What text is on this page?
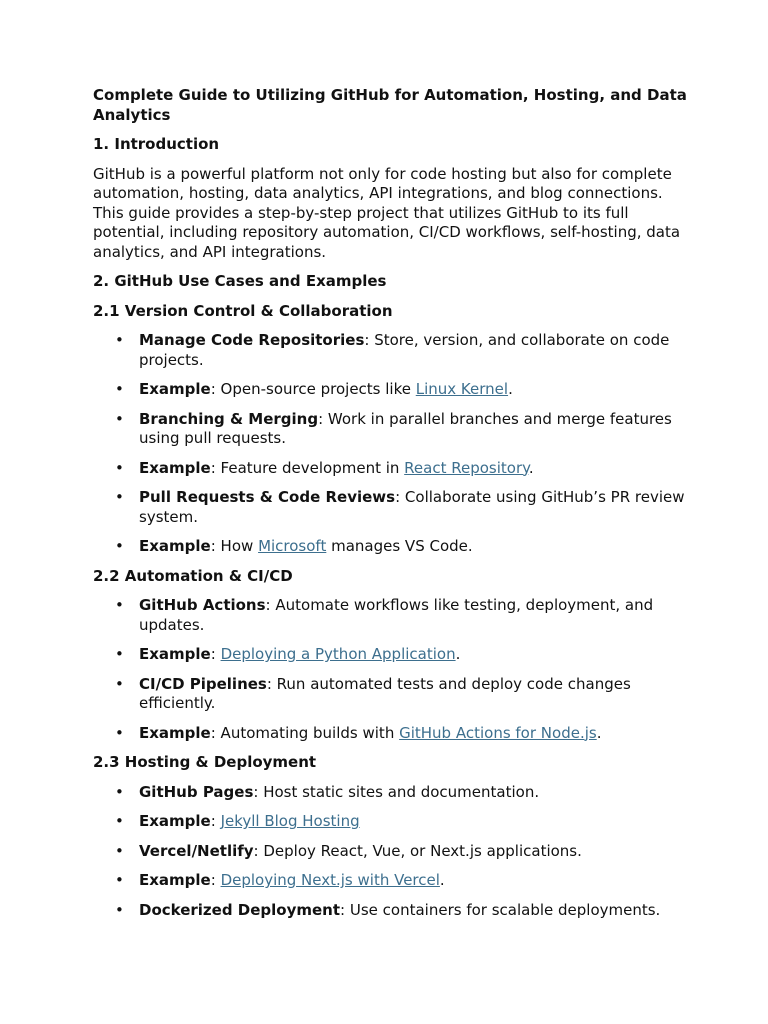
Complete Guide to Utilizing GitHub for Automation, Hosting, and Data Analytics
1. Introduction
GitHub is a powerful platform not only for code hosting but also for complete automation, hosting, data analytics, API integrations, and blog connections. This guide provides a step-by-step project that utilizes GitHub to its full potential, including repository automation, CI/CD workflows, self-hosting, data analytics, and API integrations.
2. GitHub Use Cases and Examples
2.1 Version Control & Collaboration
• Manage Code Repositories: Store, version, and collaborate on code projects.
• Example: Open-source projects like Linux Kernel.
• Branching & Merging: Work in parallel branches and merge features using pull requests.
• Example: Feature development in React Repository.
• Pull Requests & Code Reviews: Collaborate using GitHub’s PR review system.
• Example: How Microsoft manages VS Code.
2.2 Automation & CI/CD
• GitHub Actions: Automate workflows like testing, deployment, and updates.
• Example: Deploying a Python Application.
• CI/CD Pipelines: Run automated tests and deploy code changes efficiently.
• Example: Automating builds with GitHub Actions for Node.js.
2.3 Hosting & Deployment
• GitHub Pages: Host static sites and documentation.
• Example: Jekyll Blog Hosting
• Vercel/Netlify: Deploy React, Vue, or Next.js applications.
• Example: Deploying Next.js with Vercel.
• Dockerized Deployment: Use containers for scalable deployments.
